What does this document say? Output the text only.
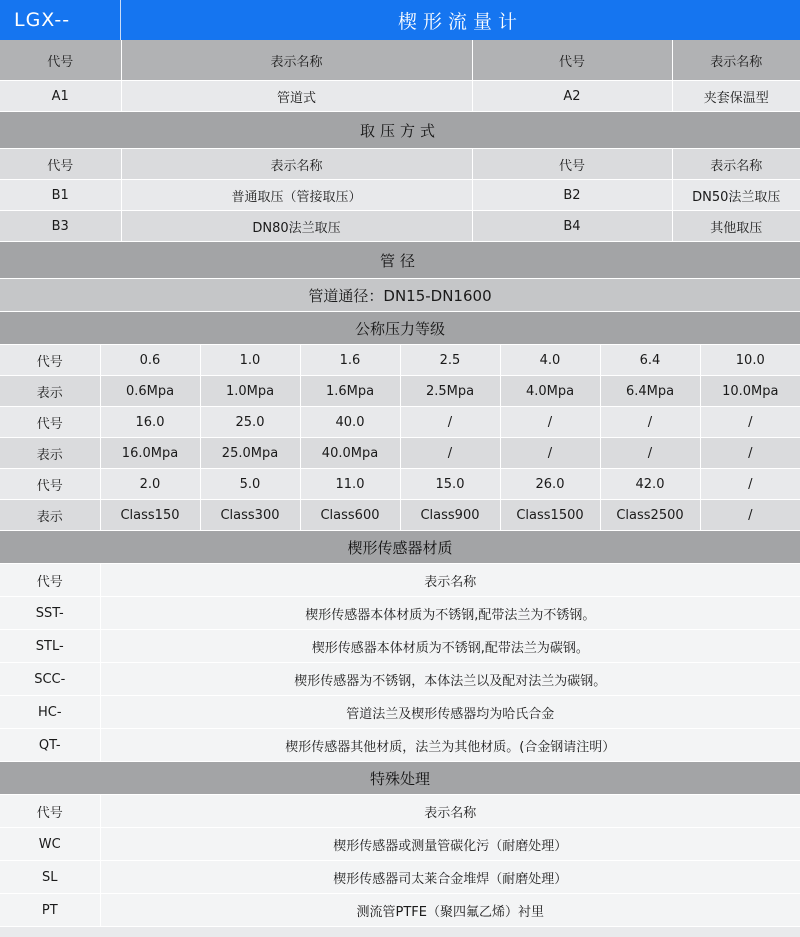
LGX--	楔形流量计
代号	表示名称	代号	表示名称
A1	管道式	A2	夹套保温型
取压方式			
代号	表示名称	代号	表示名称
B1	普通取压（管接取压）	B2	DN50法兰取压
B3	DN80法兰取压	B4	其他取压
管径
管道通径：DN15-DN1600
公称压力等级							
代号	0.6	1.0	1.6	2.5	4.0	6.4	10.0
表示	0.6Mpa	1.0Mpa	1.6Mpa	2.5Mpa	4.0Mpa	6.4Mpa	10.0Mpa
代号	16.0	25.0	40.0	/	/	/	/
表示	16.0Mpa	25.0Mpa	40.0Mpa	/	/	/	/
代号	2.0	5.0	11.0	15.0	26.0	42.0	/
表示	Class150	Class300	Class600	Class900	Class1500	Class2500	/
楔形传感器材质	
代号	表示名称
SST-	楔形传感器本体材质为不锈钢,配带法兰为不锈钢。
STL-	楔形传感器本体材质为不锈钢,配带法兰为碳钢。
SCC-	楔形传感器为不锈钢，本体法兰以及配对法兰为碳钢。
HC-	管道法兰及楔形传感器均为哈氏合金
QT-	楔形传感器其他材质，法兰为其他材质。(合金钢请注明）
特殊处理	
代号	表示名称
WC	楔形传感器或测量管碳化污（耐磨处理）
SL	楔形传感器司太莱合金堆焊（耐磨处理）
PT	测流管PTFE（聚四氟乙烯）衬里
